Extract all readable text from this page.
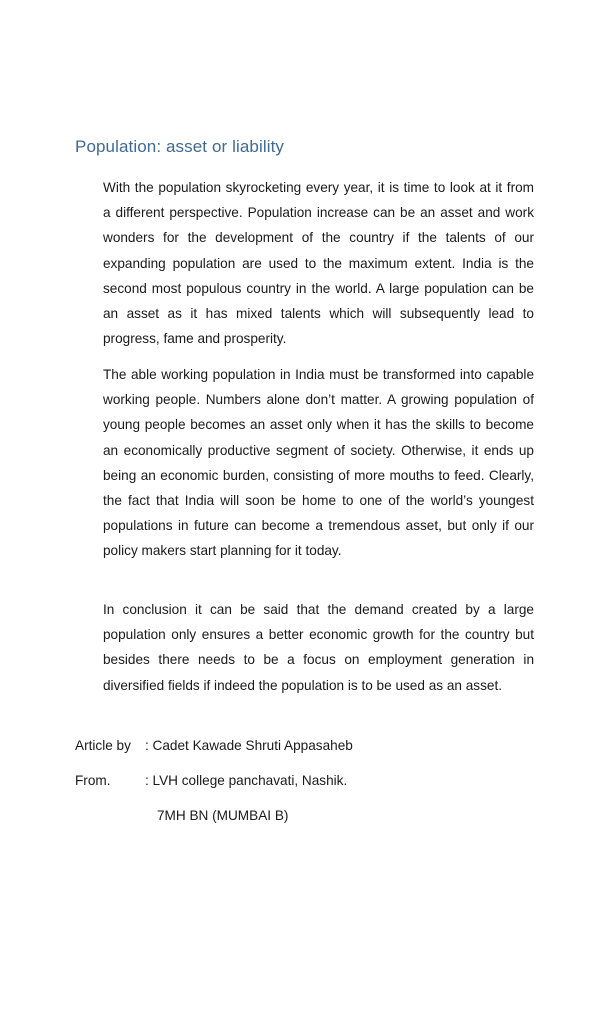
Population: asset or liability

With the population skyrocketing every year, it is time to look at it from a different perspective. Population increase can be an asset and work wonders for the development of the country if the talents of our expanding population are used to the maximum extent. India is the second most populous country in the world. A large population can be an asset as it has mixed talents which will subsequently lead to progress, fame and prosperity.

The able working population in India must be transformed into capable working people. Numbers alone don’t matter. A growing population of young people becomes an asset only when it has the skills to become an economically productive segment of society. Otherwise, it ends up being an economic burden, consisting of more mouths to feed. Clearly, the fact that India will soon be home to one of the world’s youngest populations in future can become a tremendous asset, but only if our policy makers start planning for it today.

In conclusion it can be said that the demand created by a large population only ensures a better economic growth for the country but besides there needs to be a focus on employment generation in diversified fields if indeed the population is to be used as an asset.

Article by : Cadet Kawade Shruti Appasaheb
From.	: LVH college panchavati, Nashik.
7MH BN (MUMBAI B)
